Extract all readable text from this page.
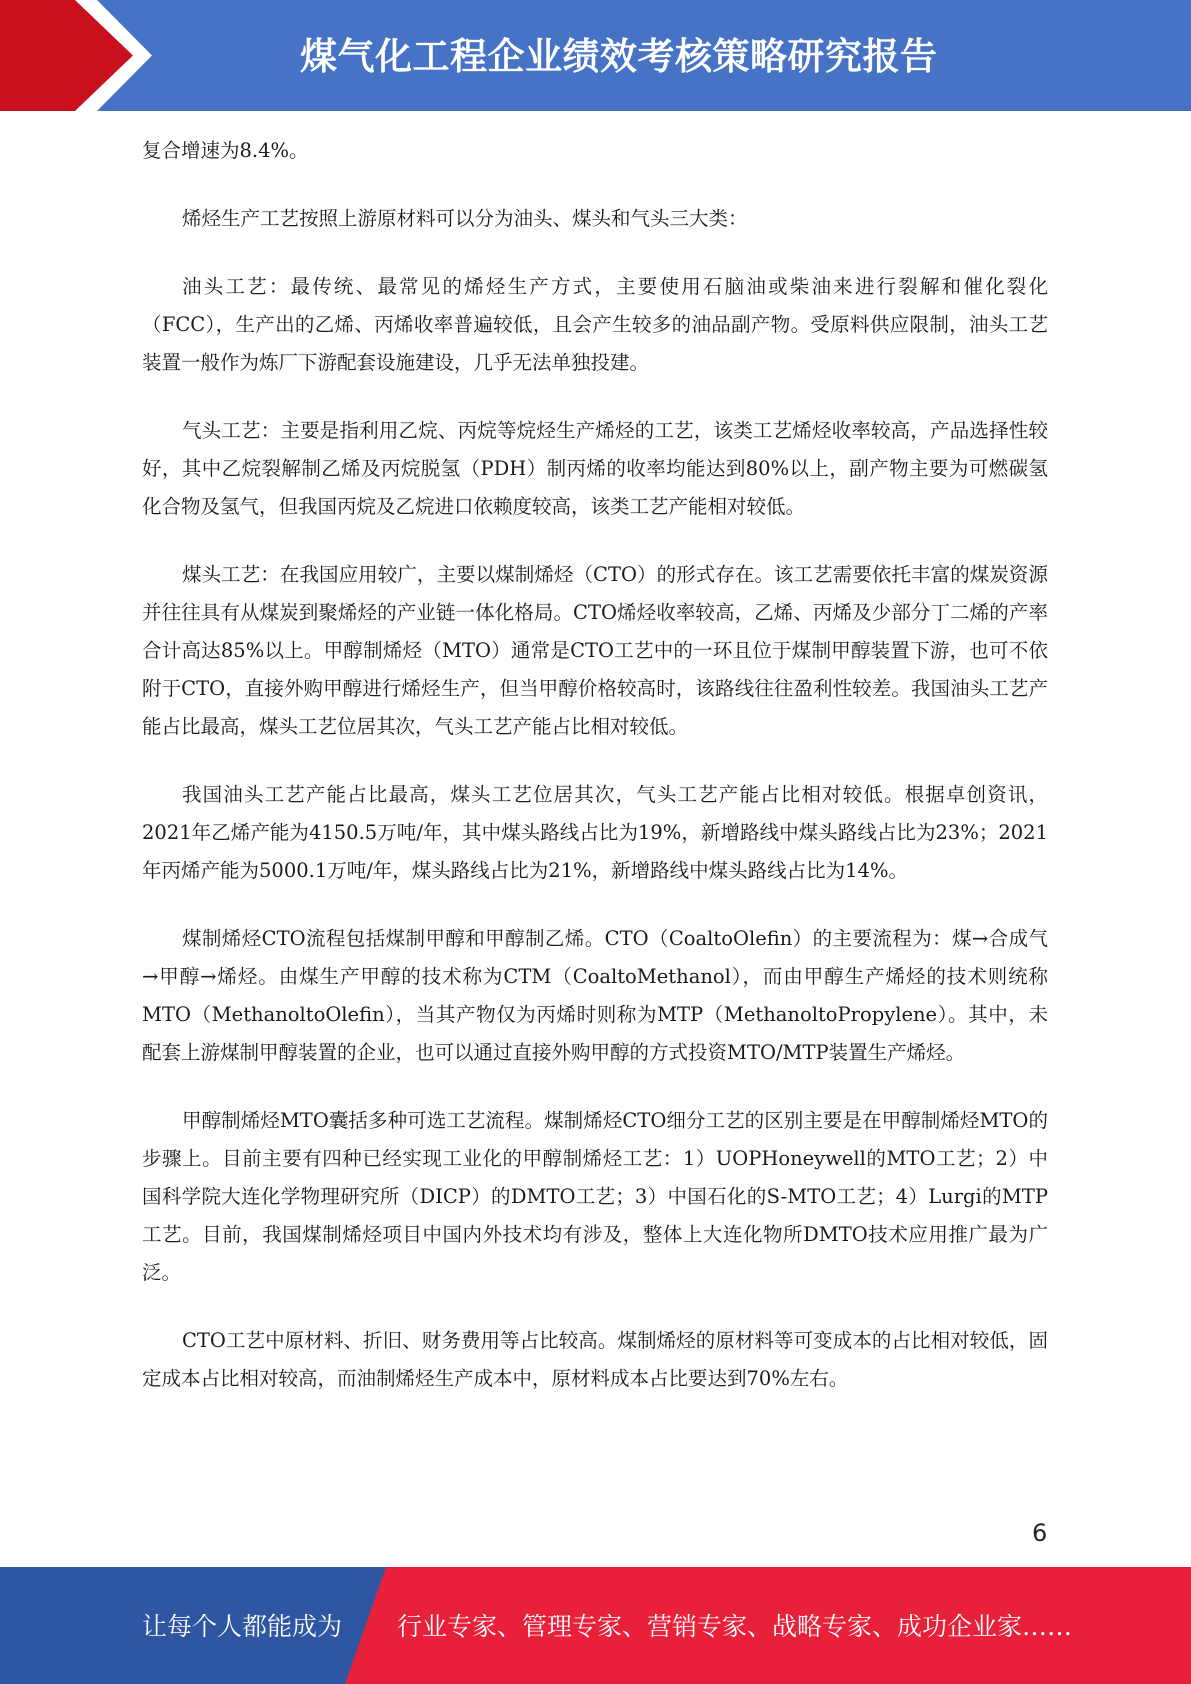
煤气化工程企业绩效考核策略研究报告

复合增速为8.4%。

烯烃生产工艺按照上游原材料可以分为油头、煤头和气头三大类：

油头工艺：最传统、最常见的烯烃生产方式，主要使用石脑油或柴油来进行裂解和催化裂化（FCC），生产出的乙烯、丙烯收率普遍较低，且会产生较多的油品副产物。受原料供应限制，油头工艺装置一般作为炼厂下游配套设施建设，几乎无法单独投建。

气头工艺：主要是指利用乙烷、丙烷等烷烃生产烯烃的工艺，该类工艺烯烃收率较高，产品选择性较好，其中乙烷裂解制乙烯及丙烷脱氢（PDH）制丙烯的收率均能达到80%以上，副产物主要为可燃碳氢化合物及氢气，但我国丙烷及乙烷进口依赖度较高，该类工艺产能相对较低。

煤头工艺：在我国应用较广，主要以煤制烯烃（CTO）的形式存在。该工艺需要依托丰富的煤炭资源并往往具有从煤炭到聚烯烃的产业链一体化格局。CTO烯烃收率较高，乙烯、丙烯及少部分丁二烯的产率合计高达85%以上。甲醇制烯烃（MTO）通常是CTO工艺中的一环且位于煤制甲醇装置下游，也可不依附于CTO，直接外购甲醇进行烯烃生产，但当甲醇价格较高时，该路线往往盈利性较差。我国油头工艺产能占比最高，煤头工艺位居其次，气头工艺产能占比相对较低。

我国油头工艺产能占比最高，煤头工艺位居其次，气头工艺产能占比相对较低。根据卓创资讯，2021年乙烯产能为4150.5万吨/年，其中煤头路线占比为19%，新增路线中煤头路线占比为23%；2021年丙烯产能为5000.1万吨/年，煤头路线占比为21%，新增路线中煤头路线占比为14%。

煤制烯烃CTO流程包括煤制甲醇和甲醇制乙烯。CTO（CoaltoOlefin）的主要流程为：煤→合成气→甲醇→烯烃。由煤生产甲醇的技术称为CTM（CoaltoMethanol），而由甲醇生产烯烃的技术则统称MTO（MethanoltoOlefin），当其产物仅为丙烯时则称为MTP（MethanoltoPropylene）。其中，未配套上游煤制甲醇装置的企业，也可以通过直接外购甲醇的方式投资MTO/MTP装置生产烯烃。

甲醇制烯烃MTO囊括多种可选工艺流程。煤制烯烃CTO细分工艺的区别主要是在甲醇制烯烃MTO的步骤上。目前主要有四种已经实现工业化的甲醇制烯烃工艺：1）UOPHoneywell的MTO工艺；2）中国科学院大连化学物理研究所（DICP）的DMTO工艺；3）中国石化的S-MTO工艺；4）Lurgi的MTP工艺。目前，我国煤制烯烃项目中国内外技术均有涉及，整体上大连化物所DMTO技术应用推广最为广泛。

CTO工艺中原材料、折旧、财务费用等占比较高。煤制烯烃的原材料等可变成本的占比相对较低，固定成本占比相对较高，而油制烯烃生产成本中，原材料成本占比要达到70%左右。

6
让每个人都能成为 行业专家、管理专家、营销专家、战略专家、成功企业家……
